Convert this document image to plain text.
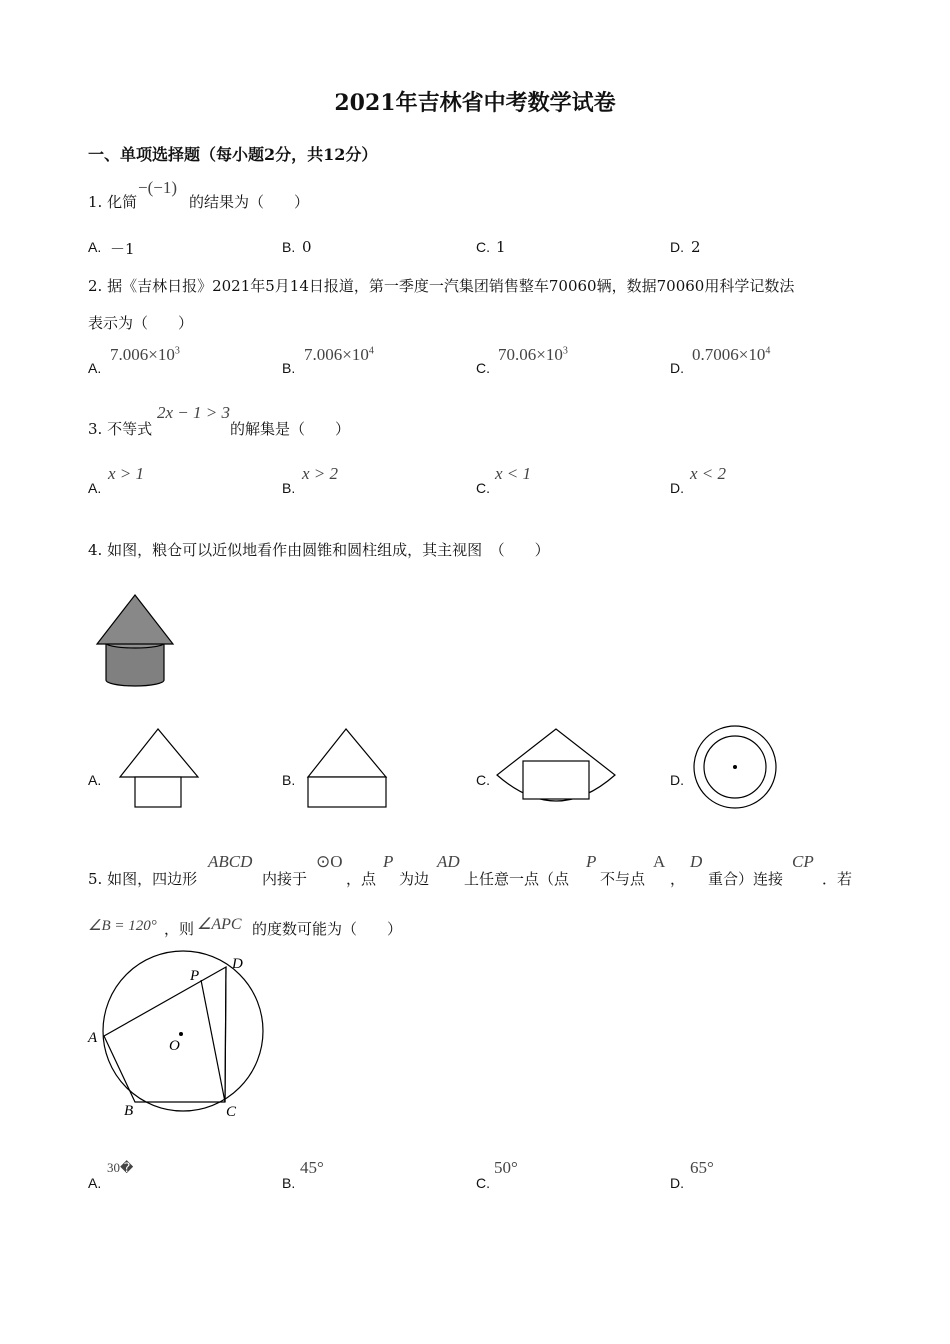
2021年吉林省中考数学试卷
一、单项选择题（每小题2分，共12分）
1. 化简
−(−1)
的结果为（　　）
A. －1	B. 0	C. 1	D. 2
2. 据《吉林日报》2021年5月14日报道，第一季度一汽集团销售整车70060辆，数据70060用科学记数法
表示为（　　）
A.
$7.006\times 10^3$
B.
$7.006\times 10^4$
C.
$70.06\times 10^3$
D.
$0.7006\times 10^4$
3. 不等式
2x − 1 > 3
的解集是（　　）
A.
x > 1
B.
x > 2
C.
x < 1
D.
x < 2
4. 如图，粮仓可以近似地看作由圆锥和圆柱组成，其主视图　（　　）
A.	B.	C.	D.
5. 如图，四边形
ABCD
内接于
⊙O
，点
P
为边
AD
上任意一点（点
P
不与点
A
，
D
重合）连接
CP
．若
∠B = 120° ，则 ∠APC 的度数可能为（　　）
A
B	C
D
P
O
A.
30�
B.
45°
C.
50°
D.
65°
